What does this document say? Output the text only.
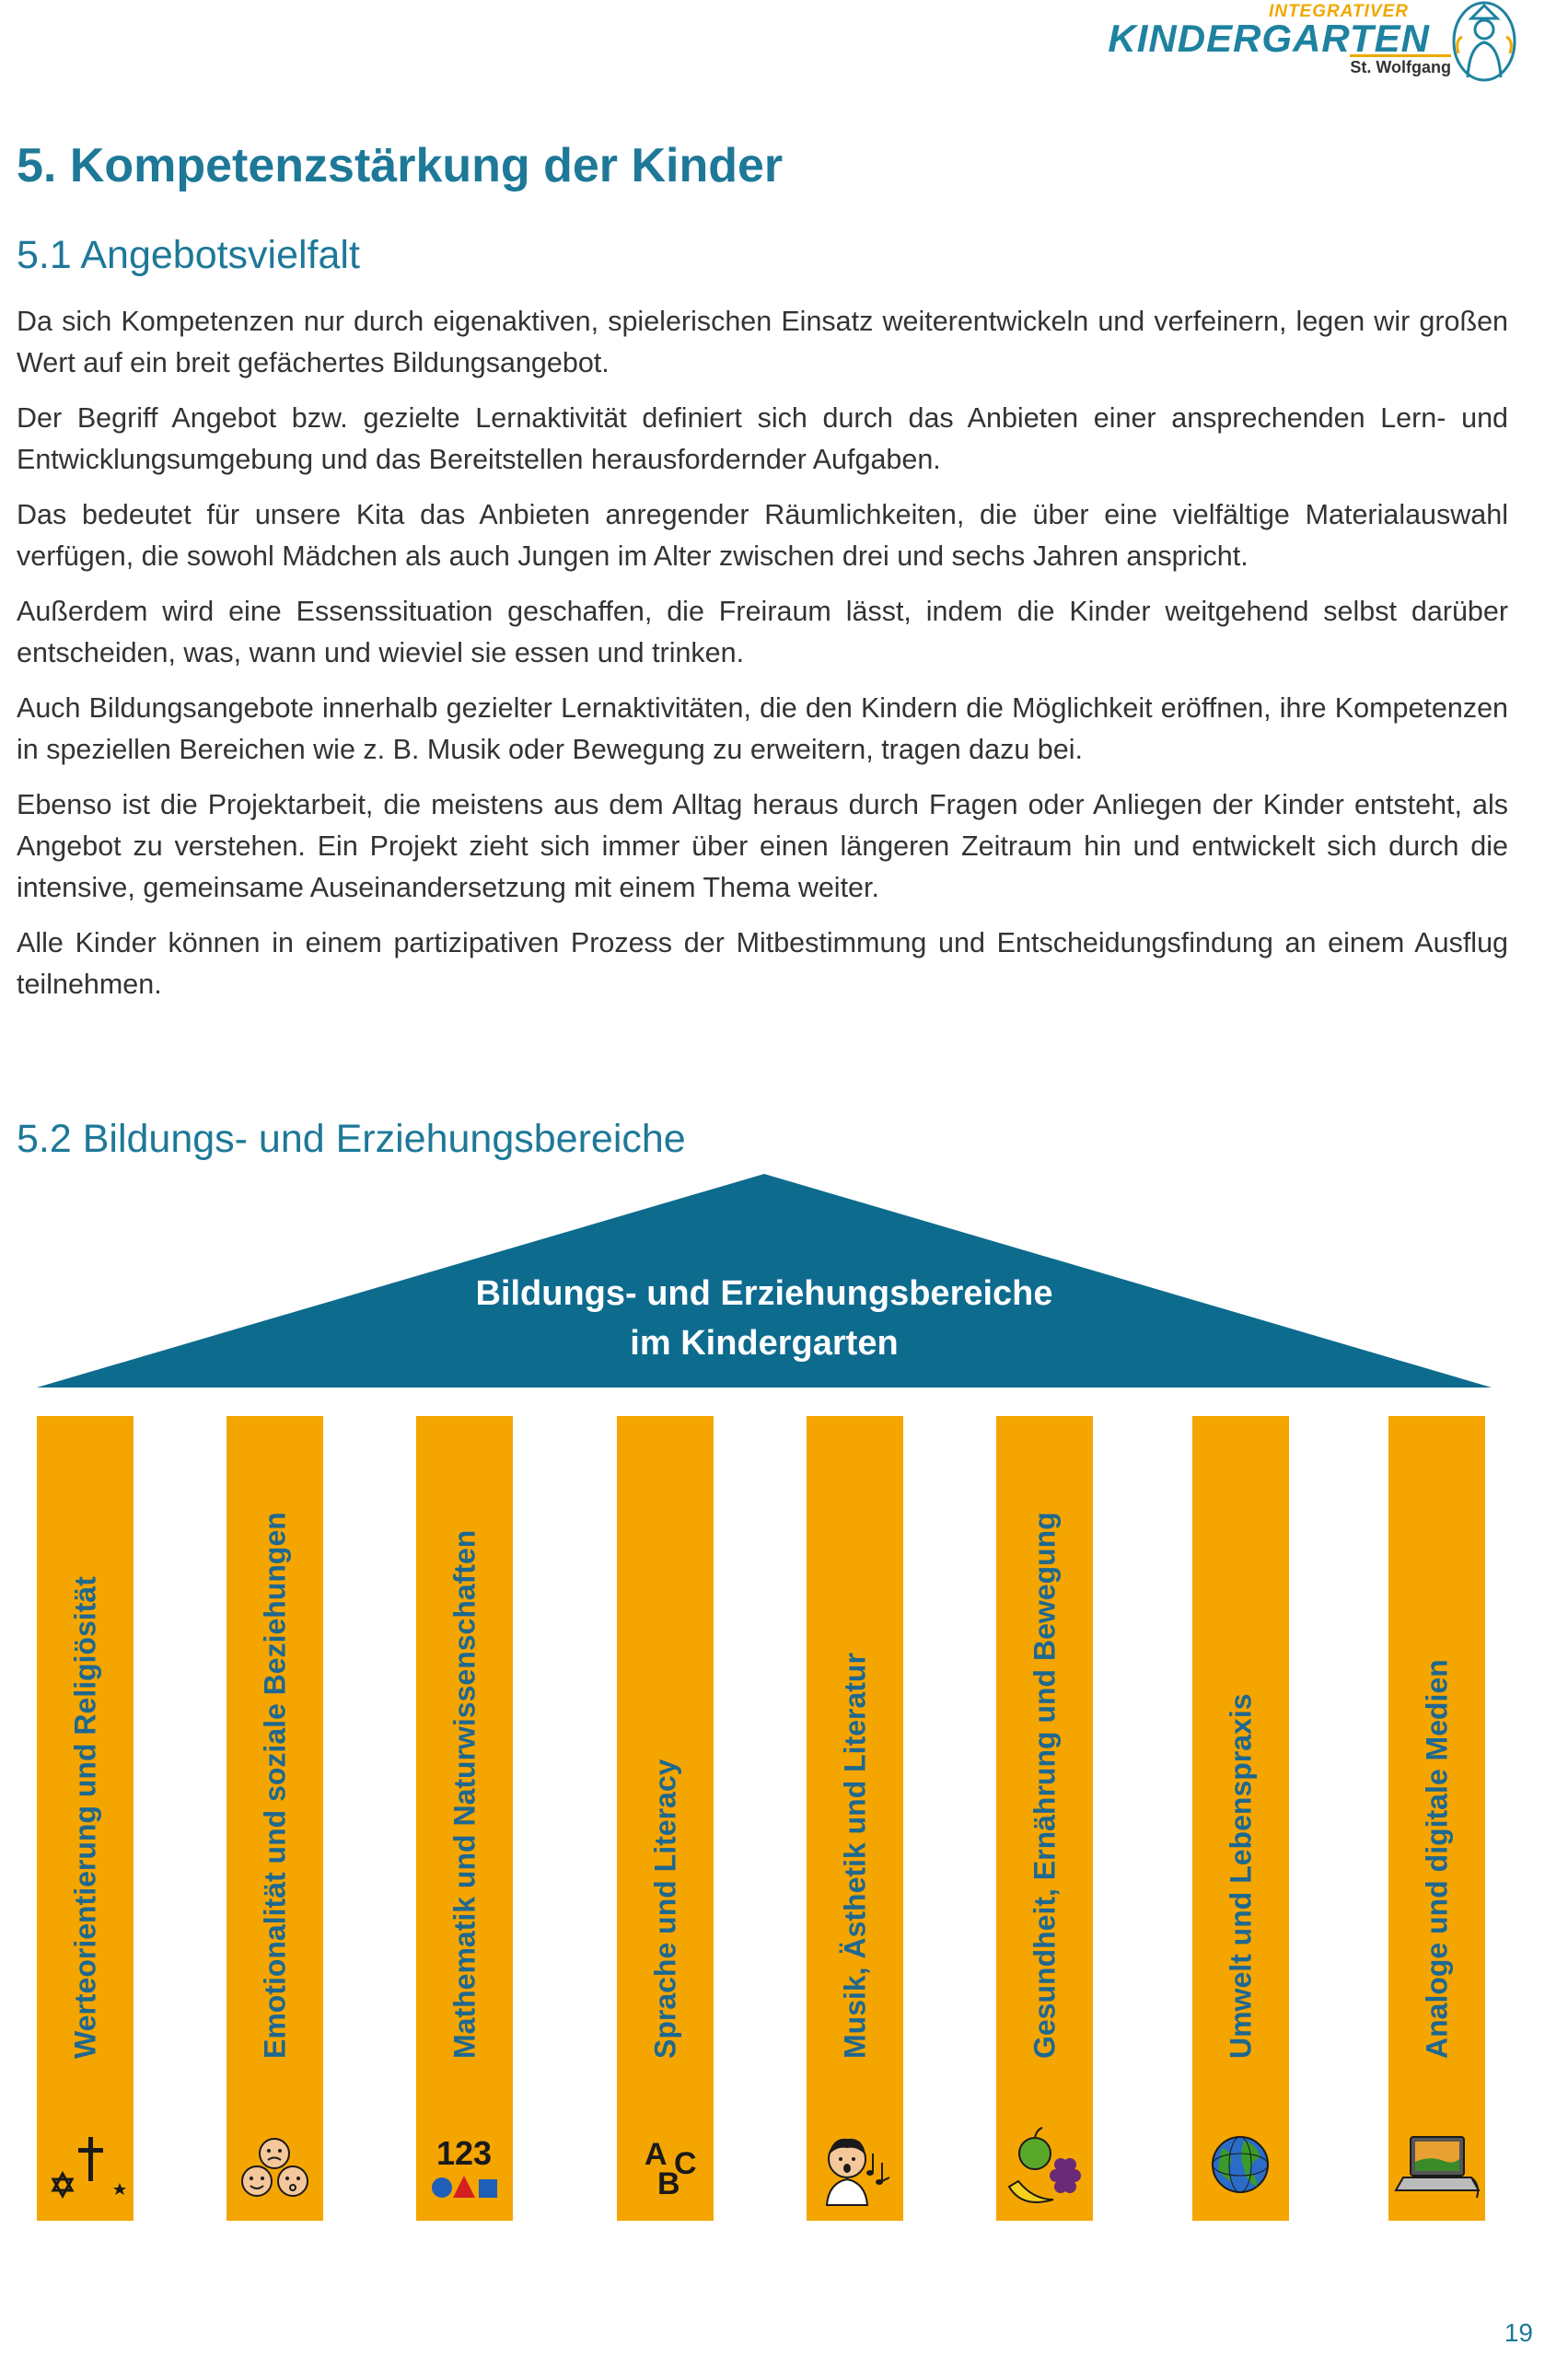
INTEGRATIVER
KINDERGARTEN
St. Wolfgang
5. Kompetenzstärkung der Kinder
5.1 Angebotsvielfalt

Da sich Kompetenzen nur durch eigenaktiven, spielerischen Einsatz weiterentwickeln und verfeinern, legen wir großen Wert auf ein breit gefächertes Bildungsangebot.

Der Begriff Angebot bzw. gezielte Lernaktivität definiert sich durch das Anbieten einer ansprechenden Lern- und Entwicklungsumgebung und das Bereitstellen herausfordernder Aufgaben.

Das bedeutet für unsere Kita das Anbieten anregender Räumlichkeiten, die über eine vielfältige Materialauswahl verfügen, die sowohl Mädchen als auch Jungen im Alter zwischen drei und sechs Jahren anspricht.

Außerdem wird eine Essenssituation geschaffen, die Freiraum lässt, indem die Kinder weitgehend selbst darüber entscheiden, was, wann und wieviel sie essen und trinken.

Auch Bildungsangebote innerhalb gezielter Lernaktivitäten, die den Kindern die Möglichkeit eröffnen, ihre Kompetenzen in speziellen Bereichen wie z. B. Musik oder Bewegung zu erweitern, tragen dazu bei.

Ebenso ist die Projektarbeit, die meistens aus dem Alltag heraus durch Fragen oder Anliegen der Kinder entsteht, als Angebot zu verstehen. Ein Projekt zieht sich immer über einen längeren Zeitraum hin und entwickelt sich durch die intensive, gemeinsame Auseinandersetzung mit einem Thema weiter.

Alle Kinder können in einem partizipativen Prozess der Mitbestimmung und Entscheidungsfindung an einem Ausflug teilnehmen.

5.2 Bildungs- und Erziehungsbereiche
Bildungs- und Erziehungsbereiche
im Kindergarten
Werteorientierung und Religiösität	Emotionalität und soziale Beziehungen	Mathematik und Naturwissenschaften
123
Sprache und Literacy
A
B
C
Musik, Ästhetik und Literatur	Gesundheit, Ernährung und Bewegung	Umwelt und Lebenspraxis	Analoge und digitale Medien
19
